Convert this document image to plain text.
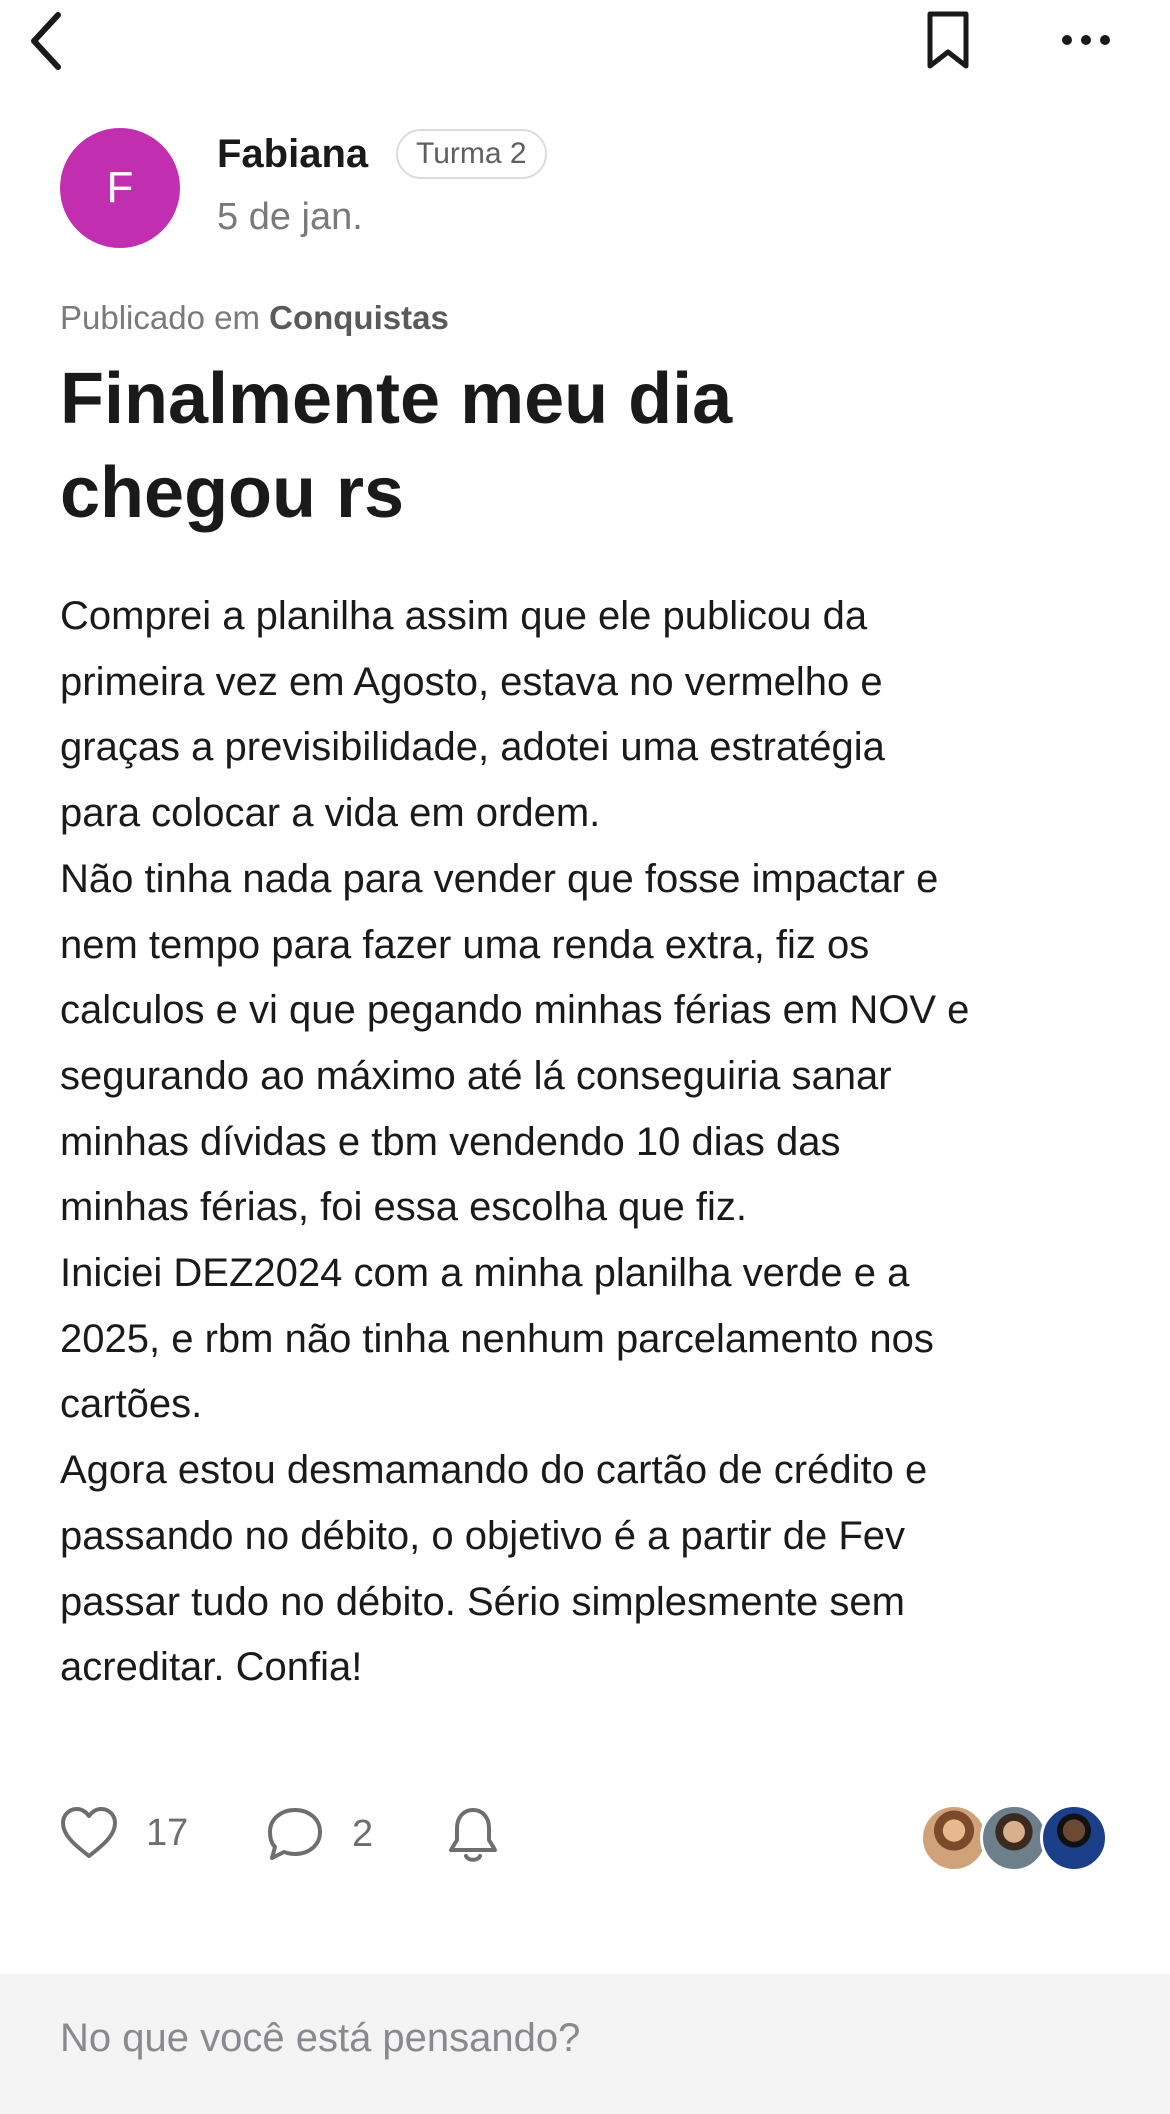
F
Fabiana	Turma 2
5 de jan.
Publicado em Conquistas
Finalmente meu dia
chegou rs

Comprei a planilha assim que ele publicou da

primeira vez em Agosto, estava no vermelho e

graças a previsibilidade, adotei uma estratégia

para colocar a vida em ordem.

Não tinha nada para vender que fosse impactar e

nem tempo para fazer uma renda extra, fiz os

calculos e vi que pegando minhas férias em NOV e

segurando ao máximo até lá conseguiria sanar

minhas dívidas e tbm vendendo 10 dias das

minhas férias, foi essa escolha que fiz.

Iniciei DEZ2024 com a minha planilha verde e a

2025, e rbm não tinha nenhum parcelamento nos

cartões.

Agora estou desmamando do cartão de crédito e

passando no débito, o objetivo é a partir de Fev

passar tudo no débito. Sério simplesmente sem

acreditar. Confia!

17	2
No que você está pensando?
